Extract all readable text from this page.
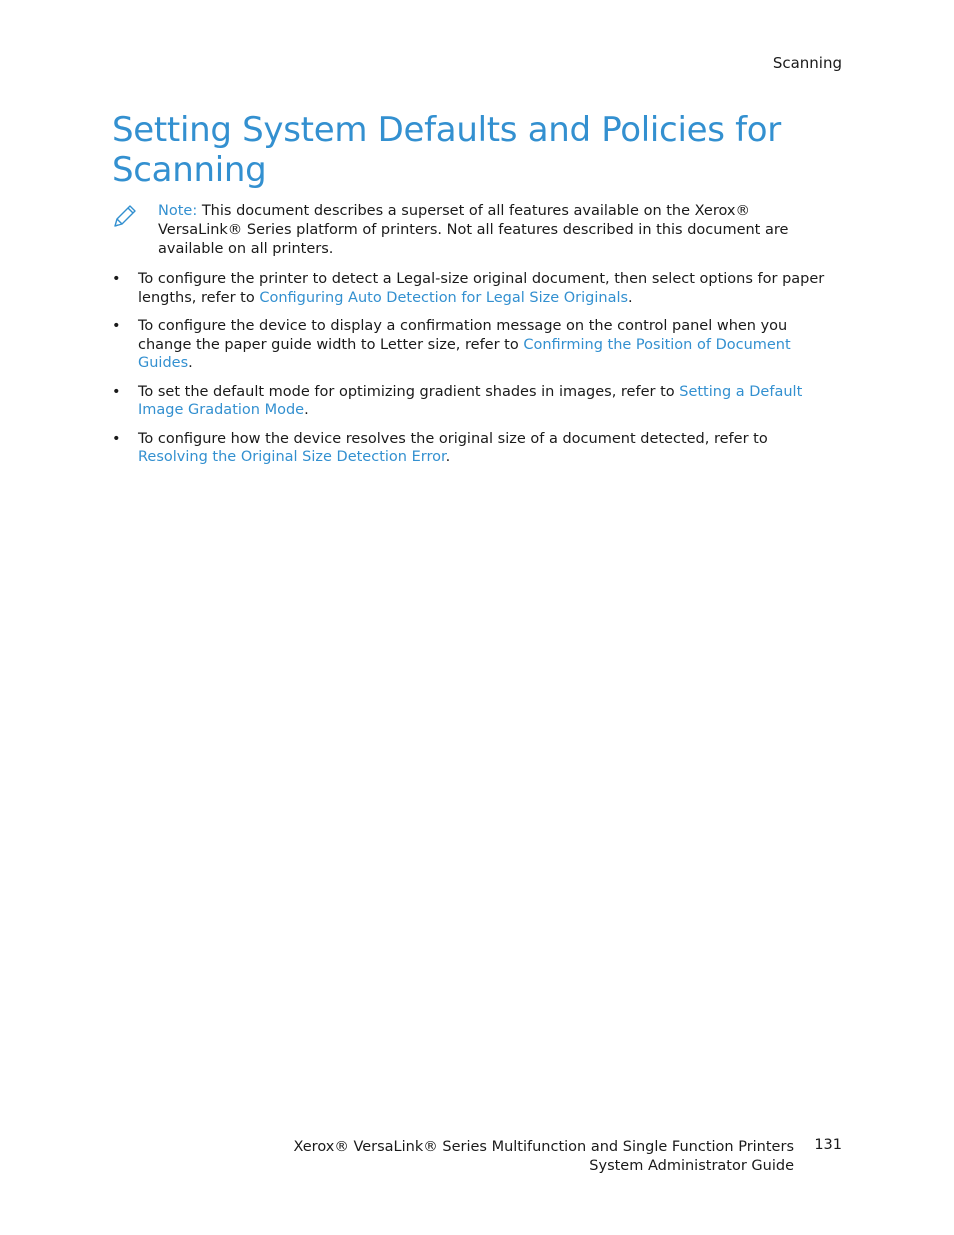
Scanning
Setting System Defaults and Policies for Scanning
Note: This document describes a superset of all features available on the Xerox® VersaLink® Series platform of printers. Not all features described in this document are available on all printers.
• To configure the printer to detect a Legal-size original document, then select options for paper lengths, refer to Configuring Auto Detection for Legal Size Originals.
• To configure the device to display a confirmation message on the control panel when you change the paper guide width to Letter size, refer to Confirming the Position of Document Guides.
• To set the default mode for optimizing gradient shades in images, refer to Setting a Default Image Gradation Mode.
• To configure how the device resolves the original size of a document detected, refer to Resolving the Original Size Detection Error.
Xerox® VersaLink® Series Multifunction and Single Function Printers
System Administrator Guide
131
